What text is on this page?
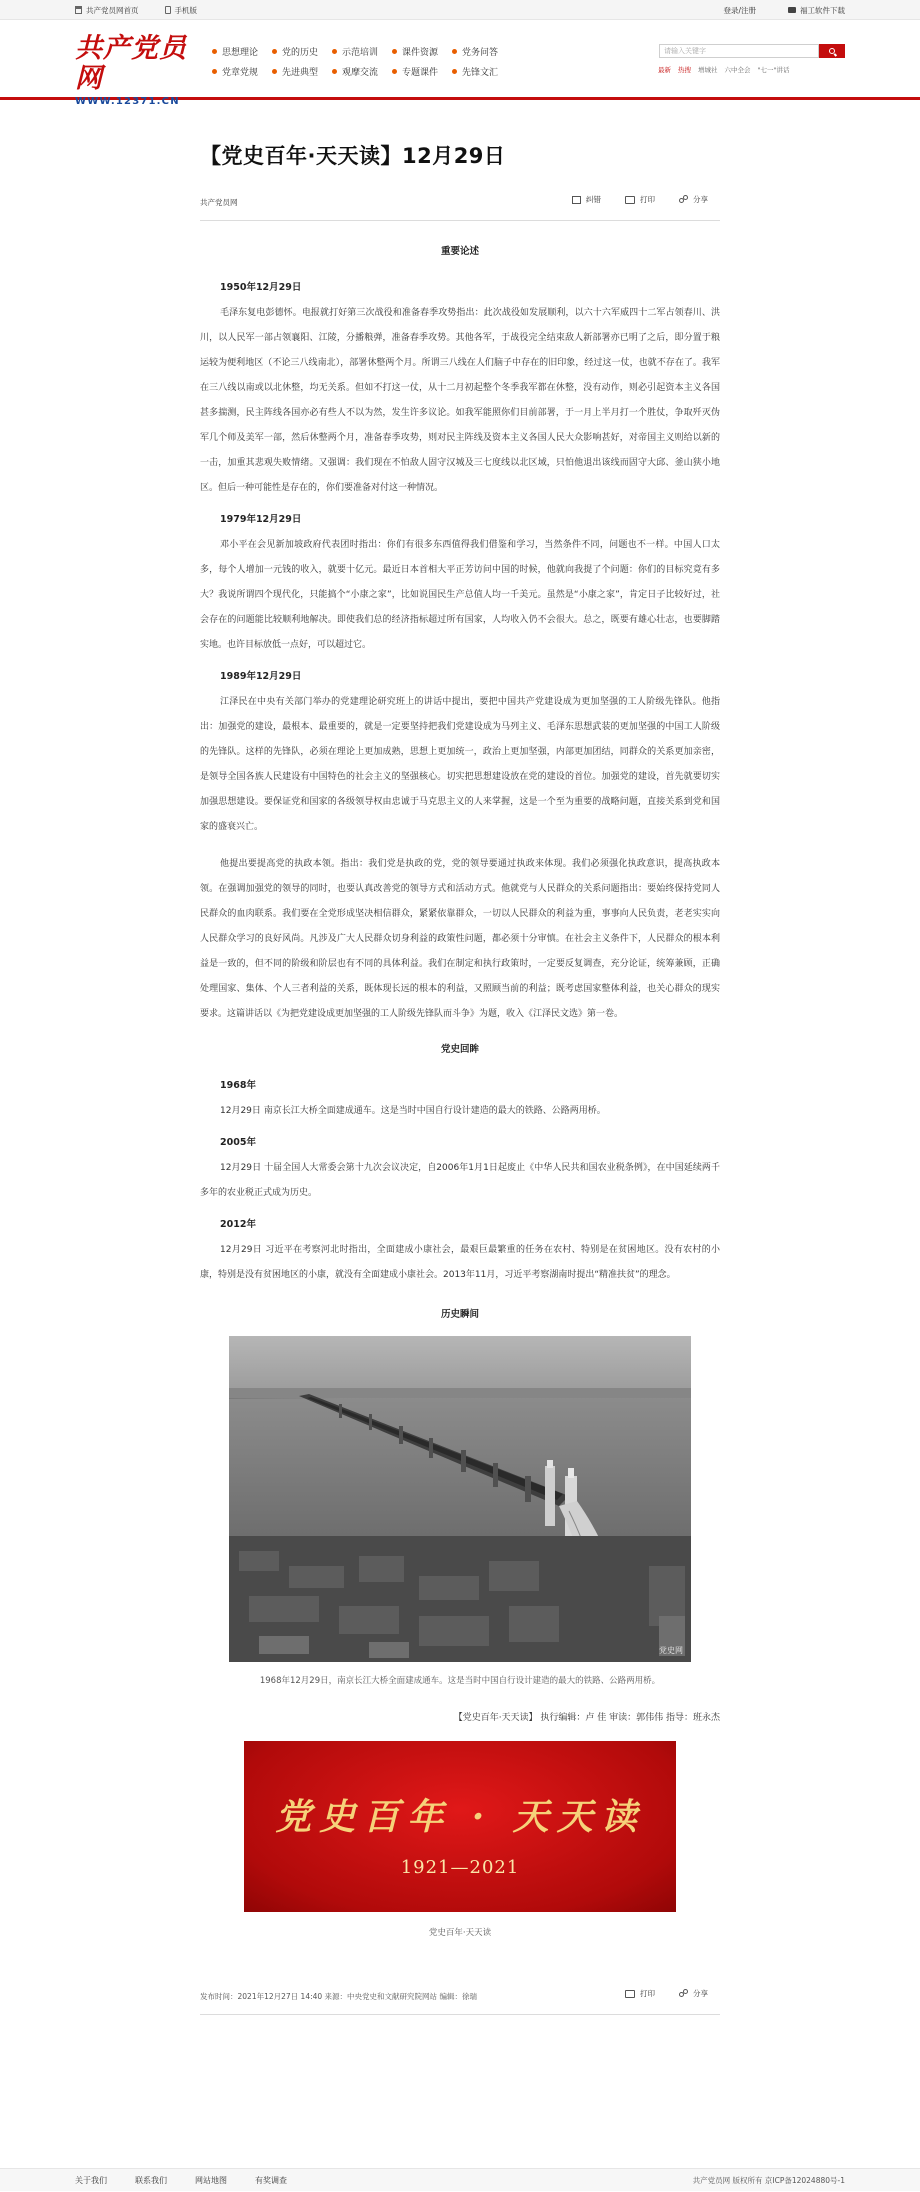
共产党员网首页	手机版	登录/注册	福工软件下载
共产党员网
WWW.12371.CN
思想理论	党的历史	示范培训	课件资源	党务问答
党章党规	先进典型	观摩交流	专题课件	先锋文汇
请输入关键字
最新 热搜 增城社 六中全会 "七一"讲话
【党史百年·天天读】12月29日
共产党员网	纠错	打印	分享
重要论述
1950年12月29日

毛泽东复电彭德怀。电报就打好第三次战役和准备春季攻势指出：此次战役如发展顺利，以六十六军威四十二军占领春川、洪川，以人民军一部占领襄阳、江陵，分播粮弹，准备春季攻势。其他各军，于战役完全结束敌人新部署亦已明了之后，即分置于粮运较为便利地区（不论三八线南北），部署休整两个月。所谓三八线在人们脑子中存在的旧印象，经过这一仗，也就不存在了。我军在三八线以南或以北休整，均无关系。但如不打这一仗，从十二月初起整个冬季我军都在休整，没有动作，则必引起资本主义各国甚多揣测，民主阵线各国亦必有些人不以为然，发生许多议论。如我军能照你们目前部署，于一月上半月打一个胜仗，争取歼灭伪军几个师及美军一部，然后休整两个月，准备春季攻势，则对民主阵线及资本主义各国人民大众影响甚好，对帝国主义则给以新的一击，加重其悲观失败情绪。又强调：我们现在不怕敌人固守汉城及三七度线以北区域，只怕他退出该线而固守大邱、釜山狭小地区。但后一种可能性是存在的，你们要准备对付这一种情况。

1979年12月29日

邓小平在会见新加坡政府代表团时指出：你们有很多东西值得我们借鉴和学习，当然条件不同，问题也不一样。中国人口太多，每个人增加一元钱的收入，就要十亿元。最近日本首相大平正芳访问中国的时候，他就向我提了个问题：你们的目标究竟有多大？我说所谓四个现代化，只能搞个“小康之家”，比如说国民生产总值人均一千美元。虽然是“小康之家”，肯定日子比较好过，社会存在的问题能比较顺利地解决。即使我们总的经济指标超过所有国家，人均收入仍不会很大。总之，既要有雄心壮志，也要脚踏实地。也许目标放低一点好，可以超过它。

1989年12月29日

江泽民在中央有关部门举办的党建理论研究班上的讲话中提出，要把中国共产党建设成为更加坚强的工人阶级先锋队。他指出：加强党的建设，最根本、最重要的，就是一定要坚持把我们党建设成为马列主义、毛泽东思想武装的更加坚强的中国工人阶级的先锋队。这样的先锋队，必须在理论上更加成熟，思想上更加统一，政治上更加坚强，内部更加团结，同群众的关系更加亲密，是领导全国各族人民建设有中国特色的社会主义的坚强核心。切实把思想建设放在党的建设的首位。加强党的建设，首先就要切实加强思想建设。要保证党和国家的各级领导权由忠诚于马克思主义的人来掌握，这是一个至为重要的战略问题，直接关系到党和国家的盛衰兴亡。

他提出要提高党的执政本领。指出：我们党是执政的党，党的领导要通过执政来体现。我们必须强化执政意识，提高执政本领。在强调加强党的领导的同时，也要认真改善党的领导方式和活动方式。他就党与人民群众的关系问题指出：要始终保持党同人民群众的血肉联系。我们要在全党形成坚决相信群众，紧紧依靠群众，一切以人民群众的利益为重，事事向人民负责，老老实实向人民群众学习的良好风尚。凡涉及广大人民群众切身利益的政策性问题，都必须十分审慎。在社会主义条件下，人民群众的根本利益是一致的，但不同的阶级和阶层也有不同的具体利益。我们在制定和执行政策时，一定要反复调查，充分论证，统筹兼顾，正确处理国家、集体、个人三者利益的关系，既体现长远的根本的利益，又照顾当前的利益；既考虑国家整体利益，也关心群众的现实要求。这篇讲话以《为把党建设成更加坚强的工人阶级先锋队而斗争》为题，收入《江泽民文选》第一卷。

党史回眸
1968年

12月29日 南京长江大桥全面建成通车。这是当时中国自行设计建造的最大的铁路、公路两用桥。

2005年

12月29日 十届全国人大常委会第十九次会议决定，自2006年1月1日起废止《中华人民共和国农业税条例》，在中国延续两千多年的农业税正式成为历史。

2012年

12月29日 习近平在考察河北时指出，全面建成小康社会，最艰巨最繁重的任务在农村、特别是在贫困地区。没有农村的小康，特别是没有贫困地区的小康，就没有全面建成小康社会。2013年11月，习近平考察湖南时提出“精准扶贫”的理念。

历史瞬间
党史网
1968年12月29日，南京长江大桥全面建成通车。这是当时中国自行设计建造的最大的铁路、公路两用桥。
【党史百年·天天读】 执行编辑：卢 佳 审读：郭伟伟 指导：班永杰
党史百年 · 天天读
1921—2021
党史百年·天天读
发布时间：2021年12月27日 14:40 来源：中央党史和文献研究院网站 编辑：徐瑞	打印	分享
关于我们	联系我们	网站地图	有奖调查	共产党员网 版权所有 京ICP备12024880号-1
